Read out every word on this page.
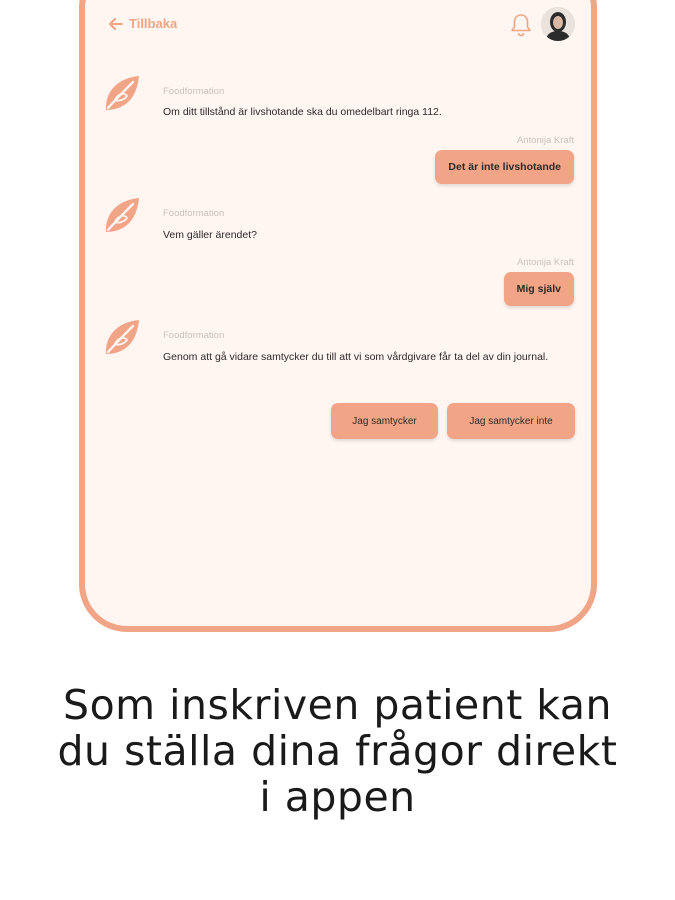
Tillbaka
Foodformation
Om ditt tillstånd är livshotande ska du omedelbart ringa 112.
Antonija Kraft
Det är inte livshotande
Foodformation
Vem gäller ärendet?
Antonija Kraft
Mig själv
Foodformation
Genom att gå vidare samtycker du till att vi som vårdgivare får ta del av din journal.
Jag samtycker	Jag samtycker inte
Som inskriven patient kan
du ställa dina frågor direkt
i appen
